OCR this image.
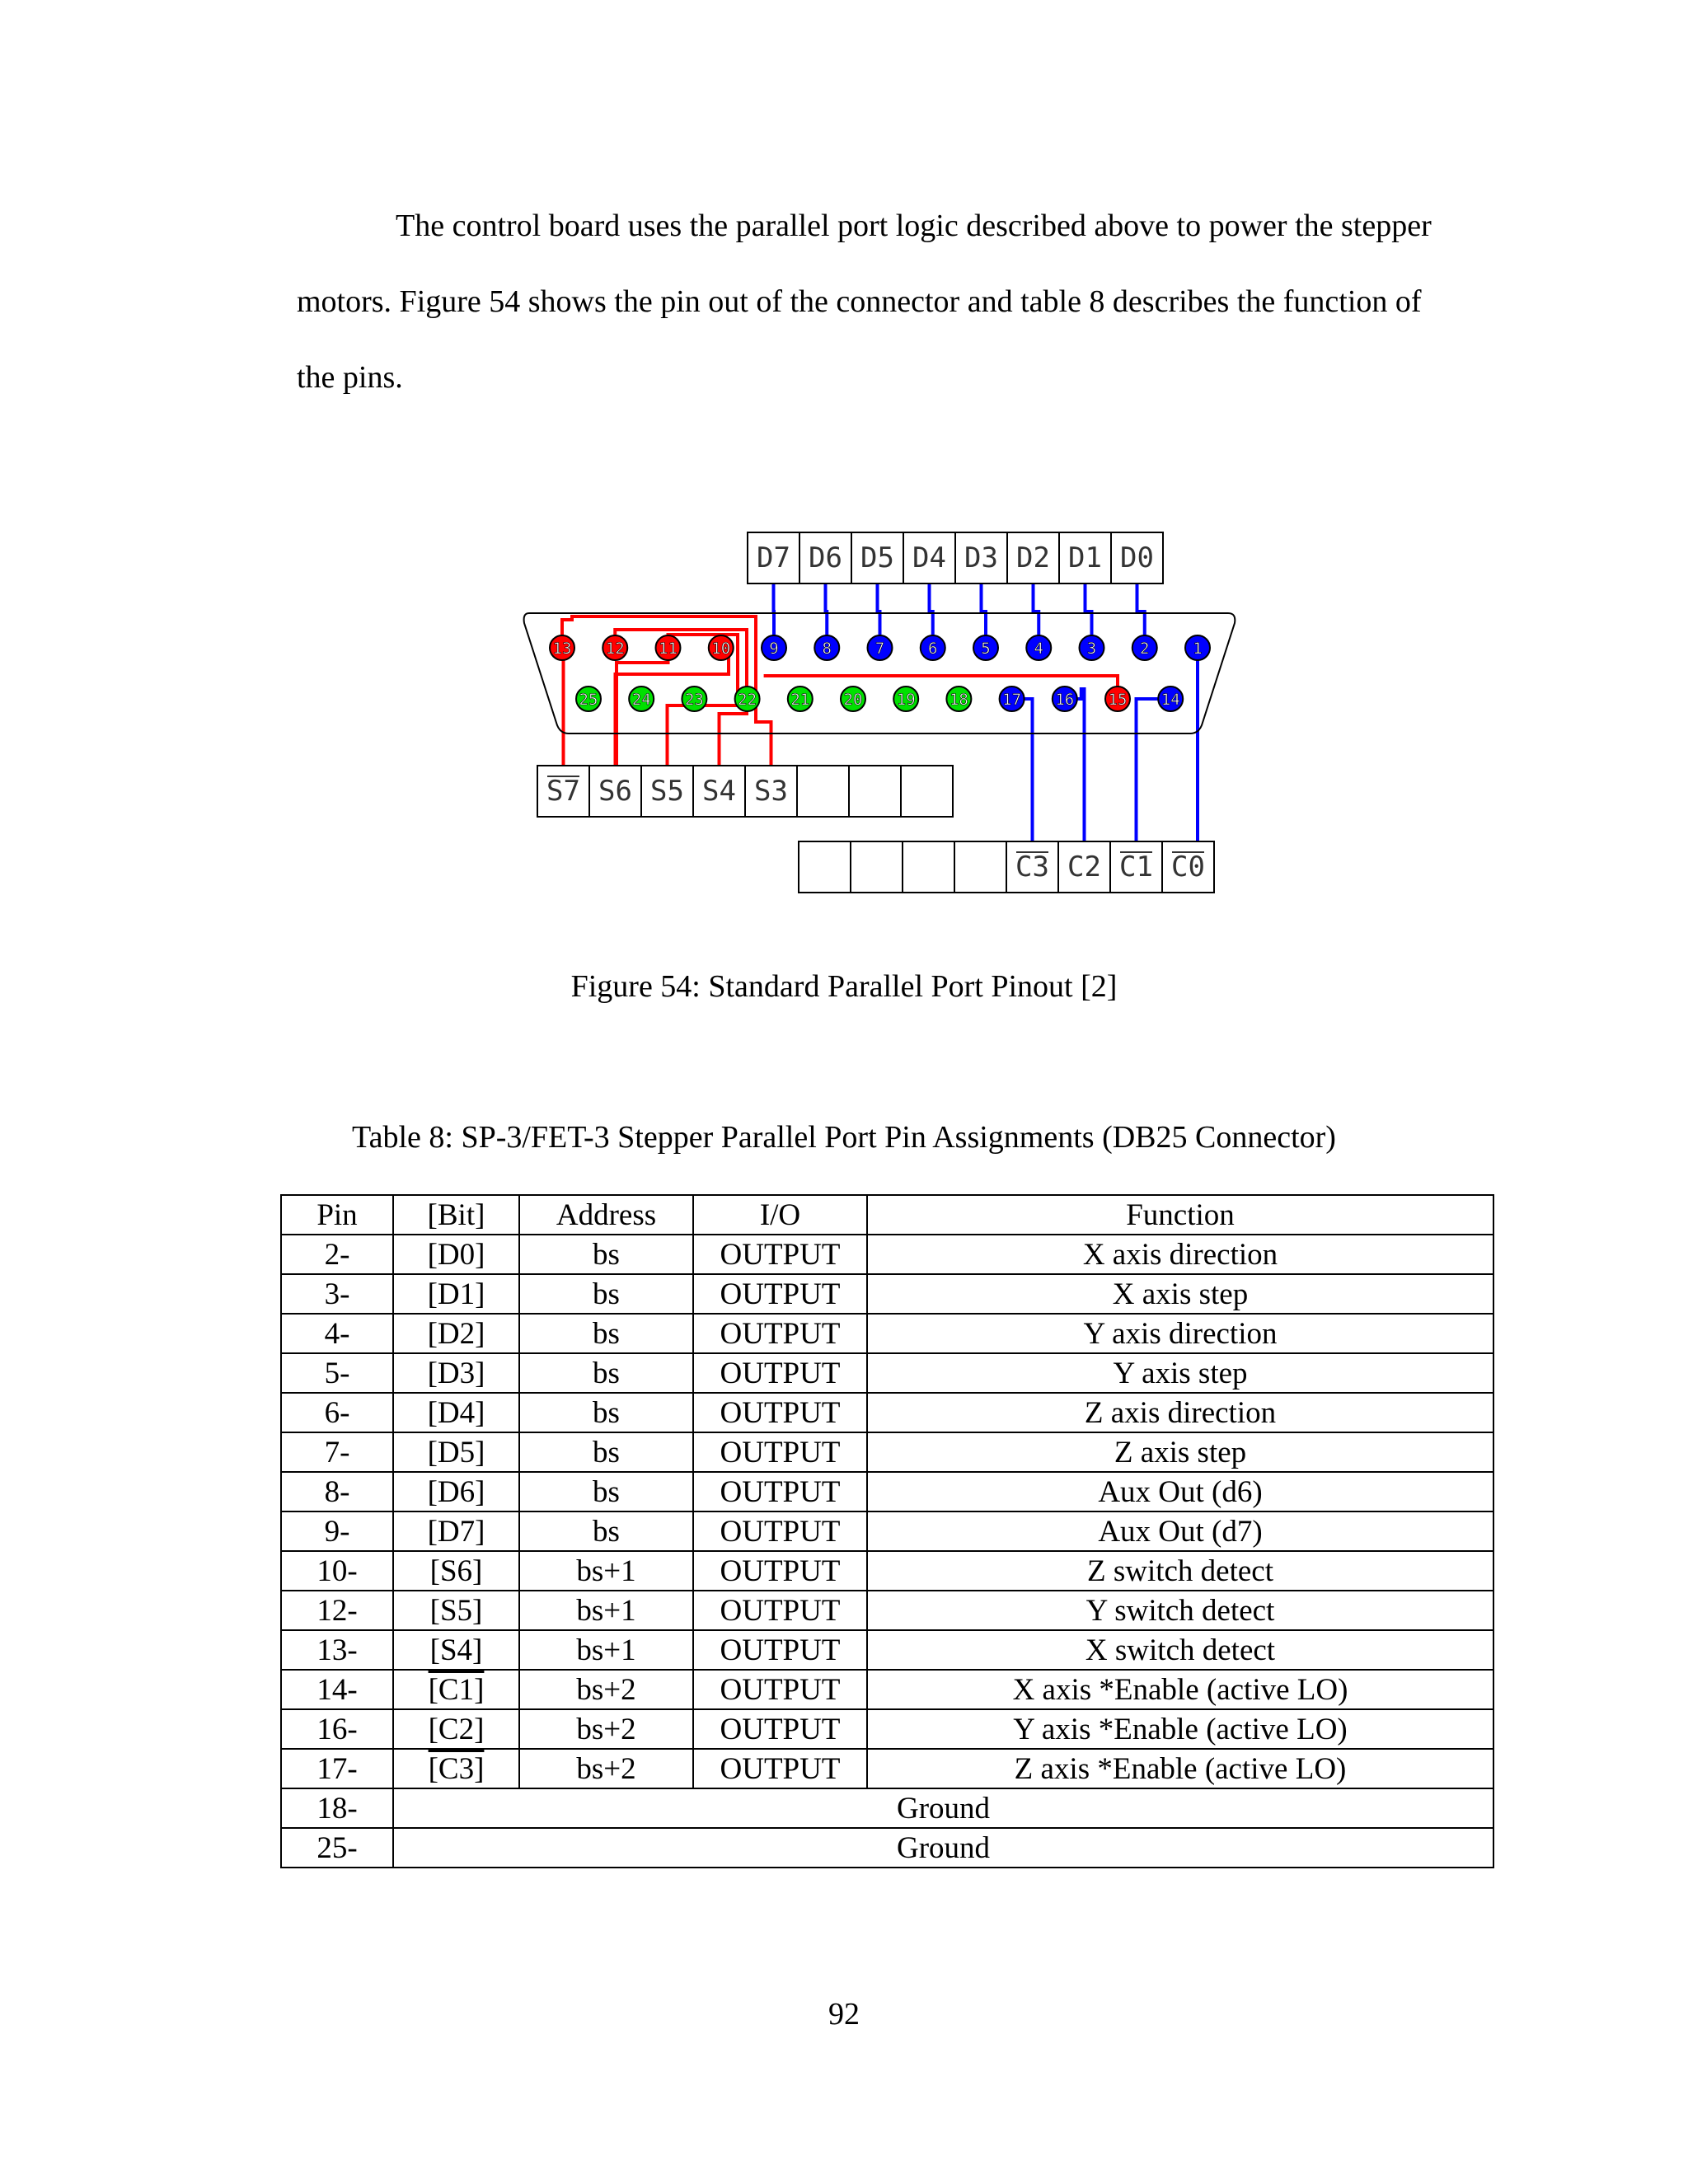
The control board uses the parallel port logic described above to power the stepper motors. Figure 54 shows the pin out of the connector and table 8 describes the function of the pins.

D7 D6 D5 D4 D3 D2 D1 D0
S7 S6 S5 S4 S3
C3 C2 C1 C0
13 12 11 10 9	8	7	6	5	4	3	2	1
25 24 23 22 21 20 19 18 17 16 15 14

Figure 54: Standard Parallel Port Pinout [2]

Table 8: SP-3/FET-3 Stepper Parallel Port Pin Assignments (DB25 Connector)

Pin	[Bit]	Address	I/O	Function
2-	[D0]	bs	OUTPUT	X axis direction
3-	[D1]	bs	OUTPUT	X axis step
4-	[D2]	bs	OUTPUT	Y axis direction
5-	[D3]	bs	OUTPUT	Y axis step
6-	[D4]	bs	OUTPUT	Z axis direction
7-	[D5]	bs	OUTPUT	Z axis step
8-	[D6]	bs	OUTPUT	Aux Out (d6)
9-	[D7]	bs	OUTPUT	Aux Out (d7)
10-	[S6]	bs+1	OUTPUT	Z switch detect
12-	[S5]	bs+1	OUTPUT	Y switch detect
13-	[S4]	bs+1	OUTPUT	X switch detect
14-	[C1]	bs+2	OUTPUT	X axis *Enable (active LO)
16-	[C2]	bs+2	OUTPUT	Y axis *Enable (active LO)
17-	[C3]	bs+2	OUTPUT	Z axis *Enable (active LO)
18-	Ground			
25-	Ground			

92
